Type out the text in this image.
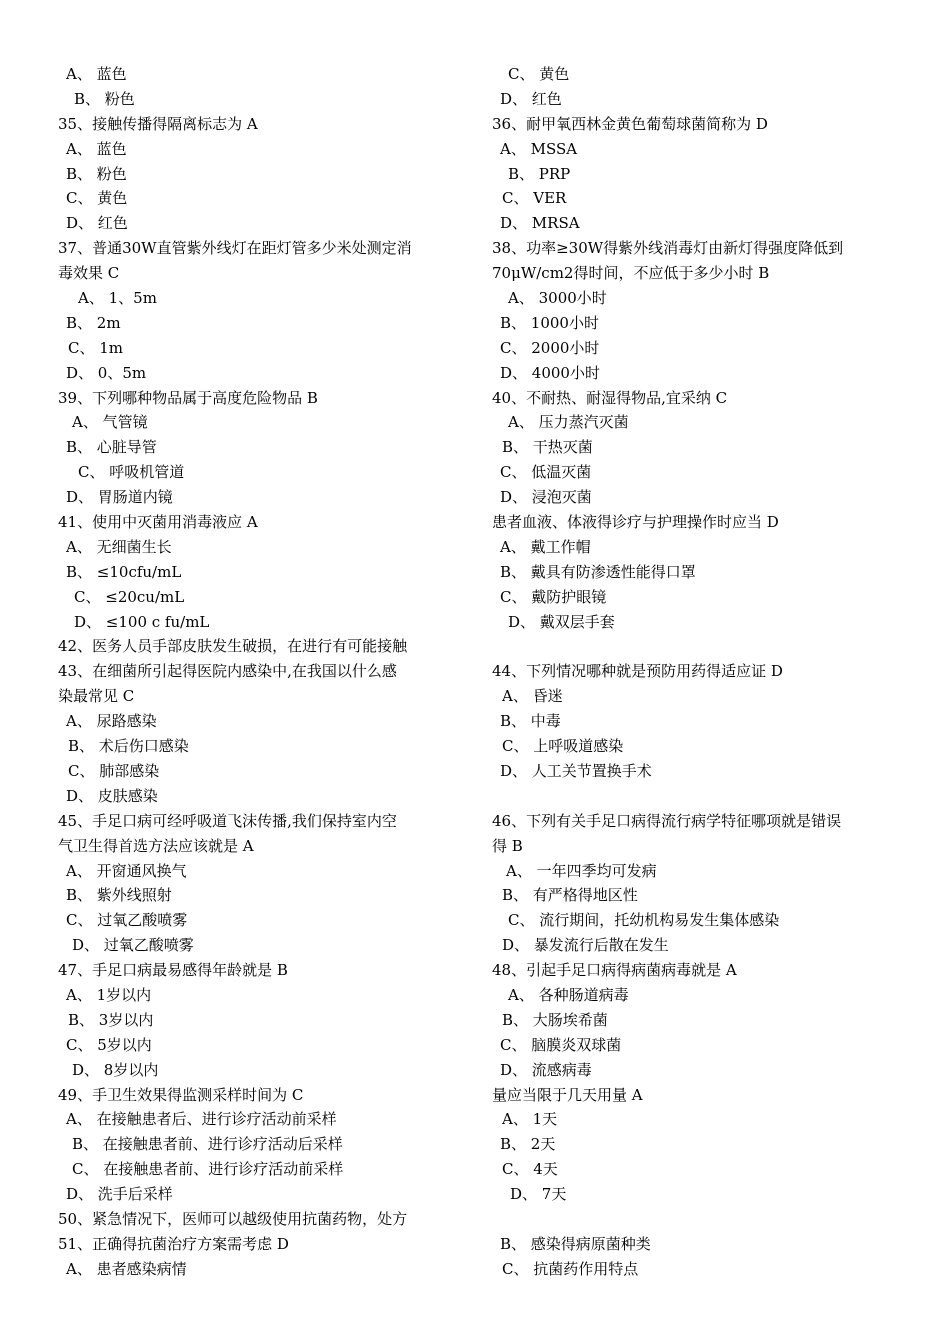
A、 蓝色
B、 粉色
35、接触传播得隔离标志为 A
A、 蓝色
B、 粉色
C、 黄色
D、 红色
37、普通30W直管紫外线灯在距灯管多少米处测定消
毒效果 C
A、 1、5m
B、 2m
C、 1m
D、 0、5m
39、下列哪种物品属于高度危险物品 B
A、 气管镜
B、 心脏导管
C、 呼吸机管道
D、 胃肠道内镜
41、使用中灭菌用消毒液应 A
A、 无细菌生长
B、 ≤10cfu/mL
C、 ≤20cu/mL
D、 ≤100 c fu/mL
42、医务人员手部皮肤发生破损，在进行有可能接触
43、在细菌所引起得医院内感染中,在我国以什么感
染最常见 C
A、 尿路感染
B、 术后伤口感染
C、 肺部感染
D、 皮肤感染
45、手足口病可经呼吸道飞沫传播,我们保持室内空
气卫生得首选方法应该就是 A
A、 开窗通风换气
B、 紫外线照射
C、 过氧乙酸喷雾
D、 过氧乙酸喷雾
47、手足口病最易感得年龄就是 B
A、 1岁以内
B、 3岁以内
C、 5岁以内
D、 8岁以内
49、手卫生效果得监测采样时间为 C
A、 在接触患者后、进行诊疗活动前采样
B、 在接触患者前、进行诊疗活动后采样
C、 在接触患者前、进行诊疗活动前采样
D、 洗手后采样
50、紧急情况下，医师可以越级使用抗菌药物，处方
51、正确得抗菌治疗方案需考虑 D
A、 患者感染病情
C、 黄色
D、 红色
36、耐甲氧西林金黄色葡萄球菌简称为 D
A、 MSSA
B、 PRP
C、 VER
D、 MRSA
38、功率≥30W得紫外线消毒灯由新灯得强度降低到
70μW/cm2得时间，不应低于多少小时 B
A、 3000小时
B、 1000小时
C、 2000小时
D、 4000小时
40、不耐热、耐湿得物品,宜采纳 C
A、 压力蒸汽灭菌
B、 干热灭菌
C、 低温灭菌
D、 浸泡灭菌
患者血液、体液得诊疗与护理操作时应当 D
A、 戴工作帽
B、 戴具有防渗透性能得口罩
C、 戴防护眼镜
D、 戴双层手套
44、下列情况哪种就是预防用药得适应证 D
A、 昏迷
B、 中毒
C、 上呼吸道感染
D、 人工关节置换手术
46、下列有关手足口病得流行病学特征哪项就是错误
得 B
A、 一年四季均可发病
B、 有严格得地区性
C、 流行期间，托幼机构易发生集体感染
D、 暴发流行后散在发生
48、引起手足口病得病菌病毒就是 A
A、 各种肠道病毒
B、 大肠埃希菌
C、 脑膜炎双球菌
D、 流感病毒
量应当限于几天用量 A
A、 1天
B、 2天
C、 4天
D、 7天
B、 感染得病原菌种类
C、 抗菌药作用特点
